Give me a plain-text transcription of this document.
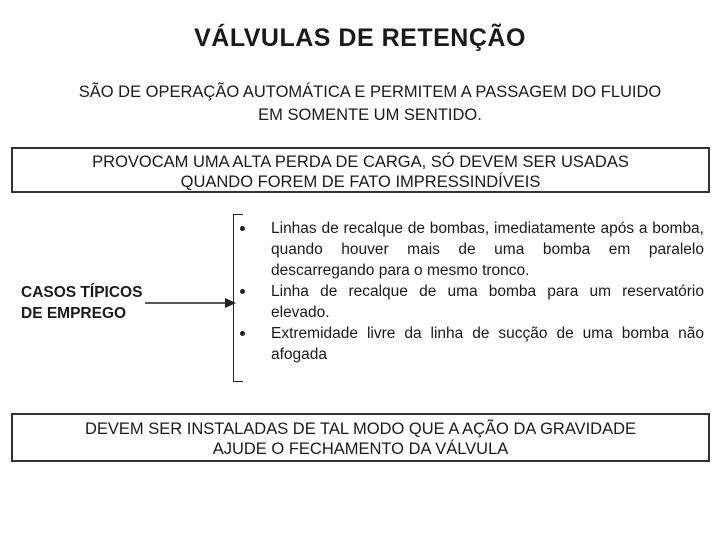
VÁLVULAS DE RETENÇÃO
SÃO DE OPERAÇÃO AUTOMÁTICA E PERMITEM A PASSAGEM DO FLUIDO
EM SOMENTE UM SENTIDO.
PROVOCAM UMA ALTA PERDA DE CARGA, SÓ DEVEM SER USADAS
QUANDO FOREM DE FATO IMPRESSINDÍVEIS
CASOS TÍPICOS
DE EMPREGO
Linhas de recalque de bombas, imediatamente após a bomba, quando houver mais de uma bomba em paralelo descarregando para o mesmo tronco.
Linha de recalque de uma bomba para um reservatório elevado.
Extremidade livre da linha de sucção de uma bomba não afogada
DEVEM SER INSTALADAS DE TAL MODO QUE A AÇÃO DA GRAVIDADE
AJUDE O FECHAMENTO DA VÁLVULA
